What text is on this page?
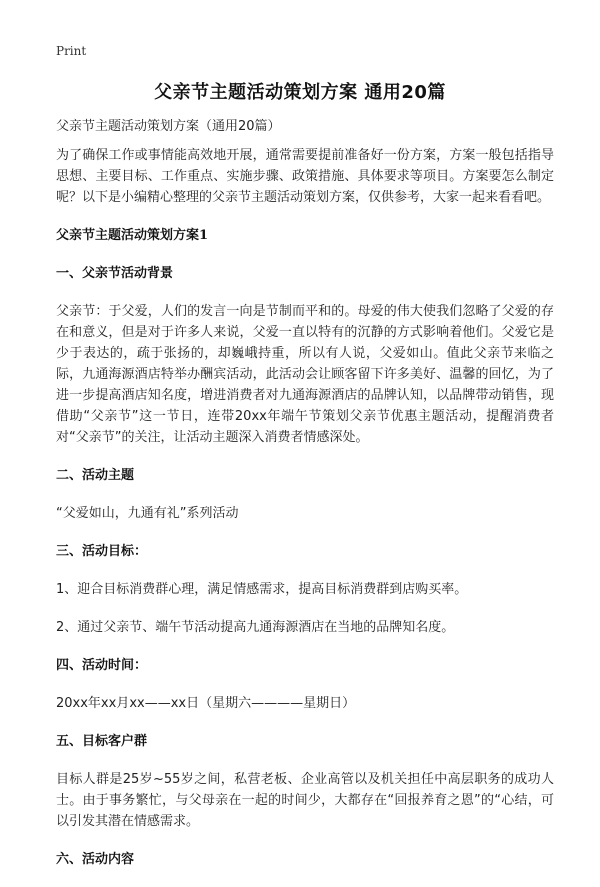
Print
父亲节主题活动策划方案 通用20篇

父亲节主题活动策划方案（通用20篇）

为了确保工作或事情能高效地开展，通常需要提前准备好一份方案，方案一般包括指导思想、主要目标、工作重点、实施步骤、政策措施、具体要求等项目。方案要怎么制定呢？以下是小编精心整理的父亲节主题活动策划方案，仅供参考，大家一起来看看吧。

父亲节主题活动策划方案1

一、父亲节活动背景

父亲节：于父爱，人们的发言一向是节制而平和的。母爱的伟大使我们忽略了父爱的存在和意义，但是对于许多人来说，父爱一直以特有的沉静的方式影响着他们。父爱它是少于表达的，疏于张扬的，却巍峨持重，所以有人说，父爱如山。值此父亲节来临之际，九通海源酒店特举办酬宾活动，此活动会让顾客留下许多美好、温馨的回忆，为了进一步提高酒店知名度，增进消费者对九通海源酒店的品牌认知，以品牌带动销售，现借助“父亲节”这一节日，连带20xx年端午节策划父亲节优惠主题活动，提醒消费者对“父亲节”的关注，让活动主题深入消费者情感深处。

二、活动主题

“父爱如山，九通有礼”系列活动

三、活动目标：

1、迎合目标消费群心理，满足情感需求，提高目标消费群到店购买率。

2、通过父亲节、端午节活动提高九通海源酒店在当地的品牌知名度。

四、活动时间：

20xx年xx月xx——xx日（星期六————星期日）

五、目标客户群

目标人群是25岁~55岁之间，私营老板、企业高管以及机关担任中高层职务的成功人士。由于事务繁忙，与父母亲在一起的时间少，大都存在“回报养育之恩”的“心结，可以引发其潜在情感需求。

六、活动内容
